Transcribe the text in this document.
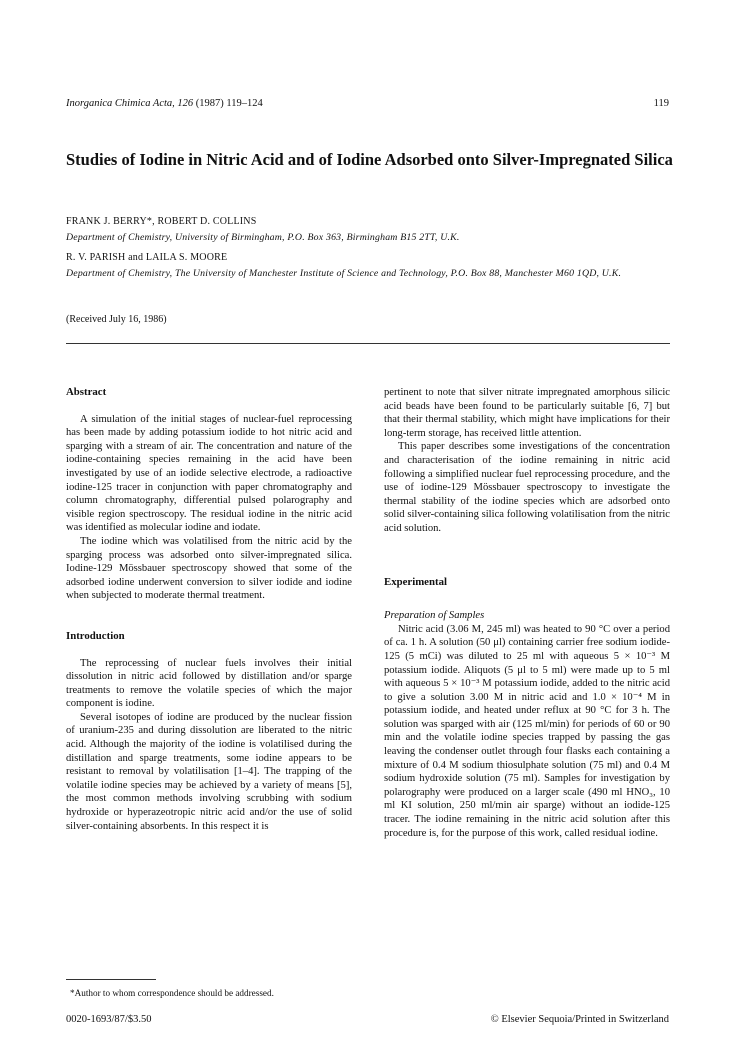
Inorganica Chimica Acta, 126 (1987) 119–124	119
Studies of Iodine in Nitric Acid and of Iodine Adsorbed onto Silver-Impregnated Silica
FRANK J. BERRY*, ROBERT D. COLLINS
Department of Chemistry, University of Birmingham, P.O. Box 363, Birmingham B15 2TT, U.K.
R. V. PARISH and LAILA S. MOORE
Department of Chemistry, The University of Manchester Institute of Science and Technology, P.O. Box 88, Manchester M60 1QD, U.K.
(Received July 16, 1986)

Abstract

A simulation of the initial stages of nuclear-fuel reprocessing has been made by adding potassium iodide to hot nitric acid and sparging with a stream of air. The concentration and nature of the iodine-containing species remaining in the acid have been investigated by use of an iodide selective electrode, a radioactive iodine-125 tracer in conjunction with paper chromatography and column chromatography, differential pulsed polarography and visible region spectroscopy. The residual iodine in the nitric acid was identified as molecular iodine and iodate.

The iodine which was volatilised from the nitric acid by the sparging process was adsorbed onto silver-impregnated silica. Iodine-129 Mössbauer spectroscopy showed that some of the adsorbed iodine underwent conversion to silver iodide and iodine when subjected to moderate thermal treatment.

Introduction

The reprocessing of nuclear fuels involves their initial dissolution in nitric acid followed by distillation and/or sparge treatments to remove the volatile species of which the major component is iodine.

Several isotopes of iodine are produced by the nuclear fission of uranium-235 and during dissolution are liberated to the nitric acid. Although the majority of the iodine is volatilised during the distillation and sparge treatments, some iodine appears to be resistant to removal by volatilisation [1–4]. The trapping of the volatile iodine species may be achieved by a variety of means [5], the most common methods involving scrubbing with sodium hydroxide or hyperazeotropic nitric acid and/or the use of solid silver-containing absorbents. In this respect it is

pertinent to note that silver nitrate impregnated amorphous silicic acid beads have been found to be particularly suitable [6, 7] but that their thermal stability, which might have implications for their long-term storage, has received little attention.

This paper describes some investigations of the concentration and characterisation of the iodine remaining in nitric acid following a simplified nuclear fuel reprocessing procedure, and the use of iodine-129 Mössbauer spectroscopy to investigate the thermal stability of the iodine species which are adsorbed onto solid silver-containing silica following volatilisation from the nitric acid solution.

Experimental

Preparation of Samples

Nitric acid (3.06 M, 245 ml) was heated to 90 °C over a period of ca. 1 h. A solution (50 μl) containing carrier free sodium iodide-125 (5 mCi) was diluted to 25 ml with aqueous 5 × 10⁻³ M potassium iodide. Aliquots (5 μl to 5 ml) were made up to 5 ml with aqueous 5 × 10⁻³ M potassium iodide, added to the nitric acid to give a solution 3.00 M in nitric acid and 1.0 × 10⁻⁴ M in potassium iodide, and heated under reflux at 90 °C for 3 h. The solution was sparged with air (125 ml/min) for periods of 60 or 90 min and the volatile iodine species trapped by passing the gas leaving the condenser outlet through four flasks each containing a mixture of 0.4 M sodium thiosulphate solution (75 ml) and 0.4 M sodium hydroxide solution (75 ml). Samples for investigation by polarography were produced on a larger scale (490 ml HNO₃, 10 ml KI solution, 250 ml/min air sparge) without an iodide-125 tracer. The iodine remaining in the nitric acid solution after this procedure is, for the purpose of this work, called residual iodine.

*Author to whom correspondence should be addressed.
0020-1693/87/$3.50	© Elsevier Sequoia/Printed in Switzerland
